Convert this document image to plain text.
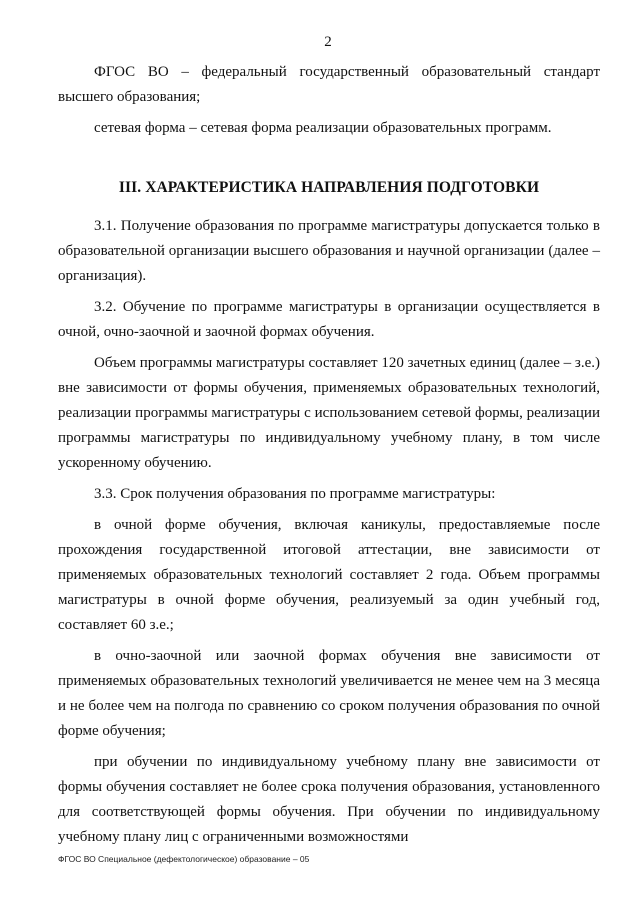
2

ФГОС ВО – федеральный государственный образовательный стандарт высшего образования;

сетевая форма – сетевая форма реализации образовательных программ.

III. ХАРАКТЕРИСТИКА НАПРАВЛЕНИЯ ПОДГОТОВКИ

3.1. Получение образования по программе магистратуры допускается только в образовательной организации высшего образования и научной организации (далее – организация).

3.2. Обучение по программе магистратуры в организации осуществляется в очной, очно-заочной и заочной формах обучения.

Объем программы магистратуры составляет 120 зачетных единиц (далее – з.е.) вне зависимости от формы обучения, применяемых образовательных технологий, реализации программы магистратуры с использованием сетевой формы, реализации программы магистратуры по индивидуальному учебному плану, в том числе ускоренному обучению.

3.3. Срок получения образования по программе магистратуры:

в очной форме обучения, включая каникулы, предоставляемые после прохождения государственной итоговой аттестации, вне зависимости от применяемых образовательных технологий составляет 2 года. Объем программы магистратуры в очной форме обучения, реализуемый за один учебный год, составляет 60 з.е.;

в очно-заочной или заочной формах обучения вне зависимости от применяемых образовательных технологий увеличивается не менее чем на 3 месяца и не более чем на полгода по сравнению со сроком получения образования по очной форме обучения;

при обучении по индивидуальному учебному плану вне зависимости от формы обучения составляет не более срока получения образования, установленного для соответствующей формы обучения. При обучении по индивидуальному учебному плану лиц с ограниченными возможностями

ФГОС ВО Специальное (дефектологическое) образование – 05
